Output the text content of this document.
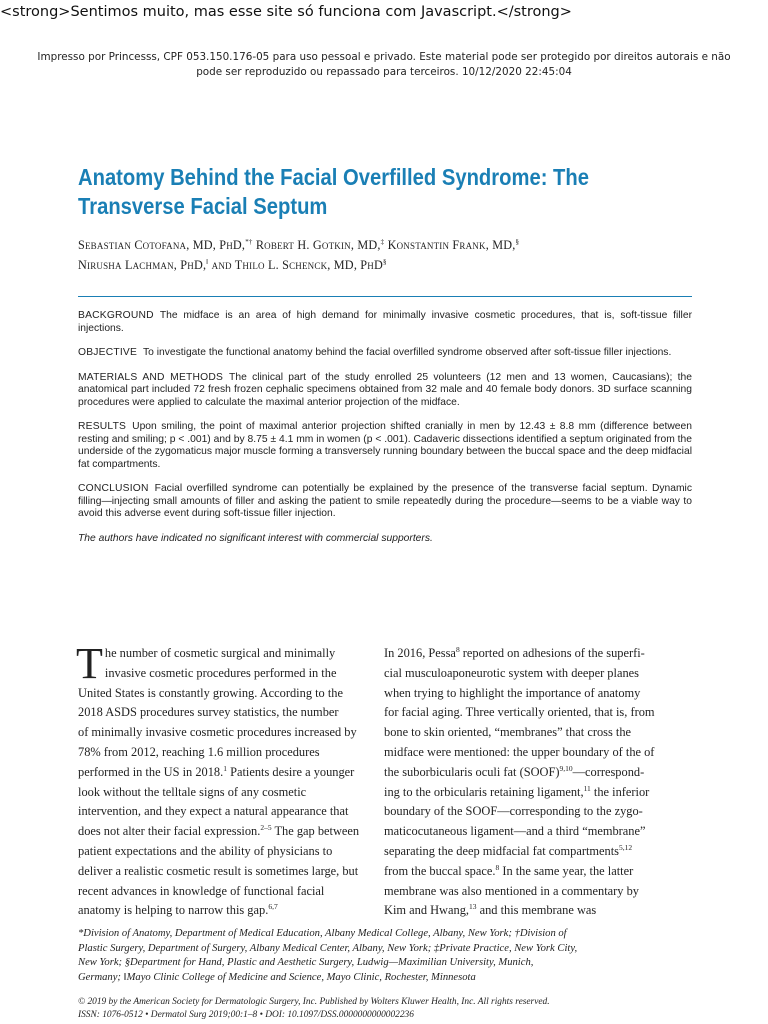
<strong>Sentimos muito, mas esse site só funciona com Javascript.</strong>
Impresso por Princesss, CPF 053.150.176-05 para uso pessoal e privado. Este material pode ser protegido por direitos autorais e não
pode ser reproduzido ou repassado para terceiros. 10/12/2020 22:45:04
Anatomy Behind the Facial Overfilled Syndrome: The
Transverse Facial Septum
Sebastian Cotofana, MD, PhD,*† Robert H. Gotkin, MD,‡ Konstantin Frank, MD,§
Nirusha Lachman, PhD,‖ and Thilo L. Schenck, MD, PhD§

BACKGROUND The midface is an area of high demand for minimally invasive cosmetic procedures, that is, soft-tissue filler injections.

OBJECTIVE To investigate the functional anatomy behind the facial overfilled syndrome observed after soft-tissue filler injections.

MATERIALS AND METHODS The clinical part of the study enrolled 25 volunteers (12 men and 13 women, Caucasians); the anatomical part included 72 fresh frozen cephalic specimens obtained from 32 male and 40 female body donors. 3D surface scanning procedures were applied to calculate the maximal anterior projection of the midface.

RESULTS Upon smiling, the point of maximal anterior projection shifted cranially in men by 12.43 ± 8.8 mm (difference between resting and smiling; p < .001) and by 8.75 ± 4.1 mm in women (p < .001). Cadaveric dissections identified a septum originated from the underside of the zygomaticus major muscle forming a transversely running boundary between the buccal space and the deep midfacial fat compartments.

CONCLUSION Facial overfilled syndrome can potentially be explained by the presence of the transverse facial septum. Dynamic filling—injecting small amounts of filler and asking the patient to smile repeatedly during the procedure—seems to be a viable way to avoid this adverse event during soft-tissue filler injection.

The authors have indicated no significant interest with commercial supporters.

T he number of cosmetic surgical and minimally
invasive cosmetic procedures performed in the
United States is constantly growing. According to the
2018 ASDS procedures survey statistics, the number
of minimally invasive cosmetic procedures increased by
78% from 2012, reaching 1.6 million procedures
performed in the US in 2018.$^1$ Patients desire a younger
look without the telltale signs of any cosmetic
intervention, and they expect a natural appearance that
does not alter their facial expression.$^{2-5}$ The gap between
patient expectations and the ability of physicians to
deliver a realistic cosmetic result is sometimes large, but
recent advances in knowledge of functional facial
anatomy is helping to narrow this gap.$^{6,7}$
In 2016, Pessa$^8$ reported on adhesions of the superfi-
cial musculoaponeurotic system with deeper planes
when trying to highlight the importance of anatomy
for facial aging. Three vertically oriented, that is, from
bone to skin oriented, “membranes” that cross the
midface were mentioned: the upper boundary of the of
the suborbicularis oculi fat (SOOF)$^{9,10}$—correspond-
ing to the orbicularis retaining ligament,$^{11}$ the inferior
boundary of the SOOF—corresponding to the zygo-
maticocutaneous ligament—and a third “membrane”
separating the deep midfacial fat compartments$^{5,12}$
from the buccal space.$^8$ In the same year, the latter
membrane was also mentioned in a commentary by
Kim and Hwang,$^{13}$ and this membrane was
*Division of Anatomy, Department of Medical Education, Albany Medical College, Albany, New York; †Division of
Plastic Surgery, Department of Surgery, Albany Medical Center, Albany, New York; ‡Private Practice, New York City,
New York; §Department for Hand, Plastic and Aesthetic Surgery, Ludwig—Maximilian University, Munich,
Germany; ‖Mayo Clinic College of Medicine and Science, Mayo Clinic, Rochester, Minnesota
© 2019 by the American Society for Dermatologic Surgery, Inc. Published by Wolters Kluwer Health, Inc. All rights reserved.
ISSN: 1076-0512 • Dermatol Surg 2019;00:1–8 • DOI: 10.1097/DSS.0000000000002236
